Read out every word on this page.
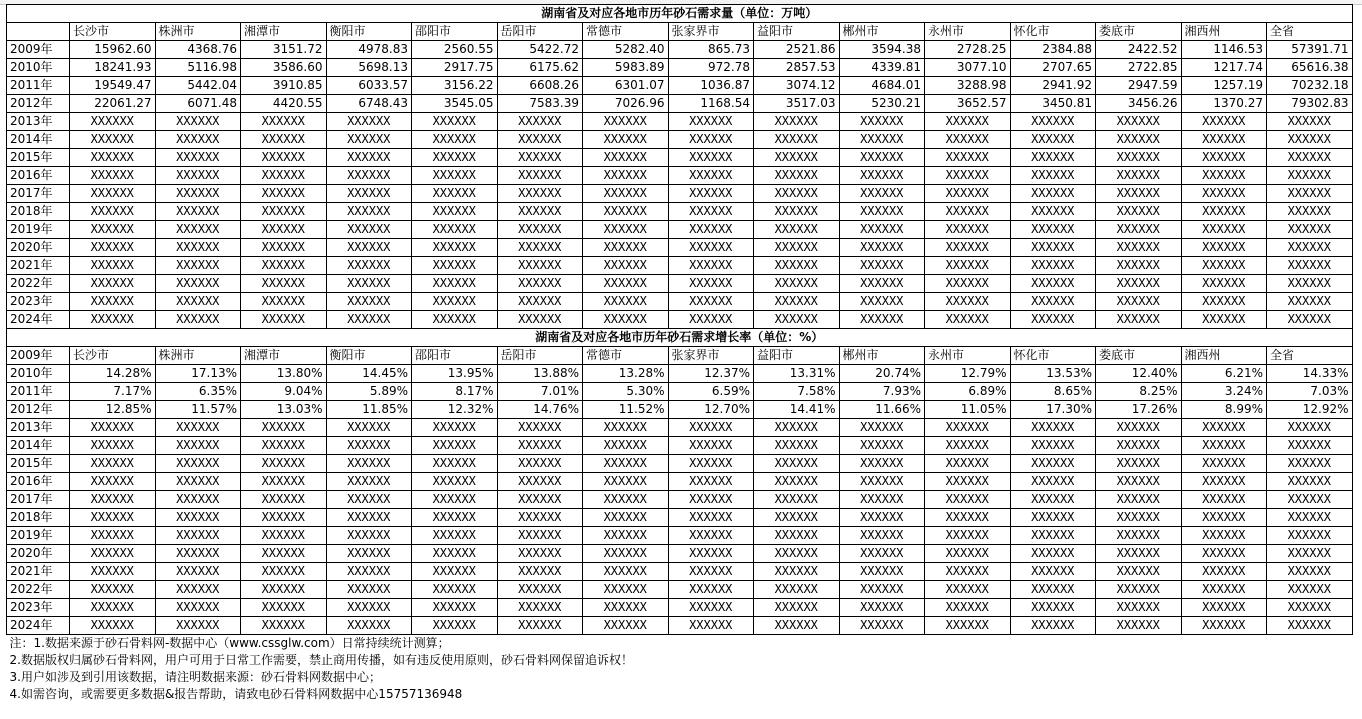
湖南省及对应各地市历年砂石需求量（单位：万吨）															
	长沙市	株洲市	湘潭市	衡阳市	邵阳市	岳阳市	常德市	张家界市	益阳市	郴州市	永州市	怀化市	娄底市	湘西州	全省
2009年	15962.60	4368.76	3151.72	4978.83	2560.55	5422.72	5282.40	865.73	2521.86	3594.38	2728.25	2384.88	2422.52	1146.53	57391.71
2010年	18241.93	5116.98	3586.60	5698.13	2917.75	6175.62	5983.89	972.78	2857.53	4339.81	3077.10	2707.65	2722.85	1217.74	65616.38
2011年	19549.47	5442.04	3910.85	6033.57	3156.22	6608.26	6301.07	1036.87	3074.12	4684.01	3288.98	2941.92	2947.59	1257.19	70232.18
2012年	22061.27	6071.48	4420.55	6748.43	3545.05	7583.39	7026.96	1168.54	3517.03	5230.21	3652.57	3450.81	3456.26	1370.27	79302.83
2013年	XXXXXX	XXXXXX	XXXXXX	XXXXXX	XXXXXX	XXXXXX	XXXXXX	XXXXXX	XXXXXX	XXXXXX	XXXXXX	XXXXXX	XXXXXX	XXXXXX	XXXXXX
2014年	XXXXXX	XXXXXX	XXXXXX	XXXXXX	XXXXXX	XXXXXX	XXXXXX	XXXXXX	XXXXXX	XXXXXX	XXXXXX	XXXXXX	XXXXXX	XXXXXX	XXXXXX
2015年	XXXXXX	XXXXXX	XXXXXX	XXXXXX	XXXXXX	XXXXXX	XXXXXX	XXXXXX	XXXXXX	XXXXXX	XXXXXX	XXXXXX	XXXXXX	XXXXXX	XXXXXX
2016年	XXXXXX	XXXXXX	XXXXXX	XXXXXX	XXXXXX	XXXXXX	XXXXXX	XXXXXX	XXXXXX	XXXXXX	XXXXXX	XXXXXX	XXXXXX	XXXXXX	XXXXXX
2017年	XXXXXX	XXXXXX	XXXXXX	XXXXXX	XXXXXX	XXXXXX	XXXXXX	XXXXXX	XXXXXX	XXXXXX	XXXXXX	XXXXXX	XXXXXX	XXXXXX	XXXXXX
2018年	XXXXXX	XXXXXX	XXXXXX	XXXXXX	XXXXXX	XXXXXX	XXXXXX	XXXXXX	XXXXXX	XXXXXX	XXXXXX	XXXXXX	XXXXXX	XXXXXX	XXXXXX
2019年	XXXXXX	XXXXXX	XXXXXX	XXXXXX	XXXXXX	XXXXXX	XXXXXX	XXXXXX	XXXXXX	XXXXXX	XXXXXX	XXXXXX	XXXXXX	XXXXXX	XXXXXX
2020年	XXXXXX	XXXXXX	XXXXXX	XXXXXX	XXXXXX	XXXXXX	XXXXXX	XXXXXX	XXXXXX	XXXXXX	XXXXXX	XXXXXX	XXXXXX	XXXXXX	XXXXXX
2021年	XXXXXX	XXXXXX	XXXXXX	XXXXXX	XXXXXX	XXXXXX	XXXXXX	XXXXXX	XXXXXX	XXXXXX	XXXXXX	XXXXXX	XXXXXX	XXXXXX	XXXXXX
2022年	XXXXXX	XXXXXX	XXXXXX	XXXXXX	XXXXXX	XXXXXX	XXXXXX	XXXXXX	XXXXXX	XXXXXX	XXXXXX	XXXXXX	XXXXXX	XXXXXX	XXXXXX
2023年	XXXXXX	XXXXXX	XXXXXX	XXXXXX	XXXXXX	XXXXXX	XXXXXX	XXXXXX	XXXXXX	XXXXXX	XXXXXX	XXXXXX	XXXXXX	XXXXXX	XXXXXX
2024年	XXXXXX	XXXXXX	XXXXXX	XXXXXX	XXXXXX	XXXXXX	XXXXXX	XXXXXX	XXXXXX	XXXXXX	XXXXXX	XXXXXX	XXXXXX	XXXXXX	XXXXXX
湖南省及对应各地市历年砂石需求增长率（单位：%）															
2009年	长沙市	株洲市	湘潭市	衡阳市	邵阳市	岳阳市	常德市	张家界市	益阳市	郴州市	永州市	怀化市	娄底市	湘西州	全省
2010年	14.28%	17.13%	13.80%	14.45%	13.95%	13.88%	13.28%	12.37%	13.31%	20.74%	12.79%	13.53%	12.40%	6.21%	14.33%
2011年	7.17%	6.35%	9.04%	5.89%	8.17%	7.01%	5.30%	6.59%	7.58%	7.93%	6.89%	8.65%	8.25%	3.24%	7.03%
2012年	12.85%	11.57%	13.03%	11.85%	12.32%	14.76%	11.52%	12.70%	14.41%	11.66%	11.05%	17.30%	17.26%	8.99%	12.92%
2013年	XXXXXX	XXXXXX	XXXXXX	XXXXXX	XXXXXX	XXXXXX	XXXXXX	XXXXXX	XXXXXX	XXXXXX	XXXXXX	XXXXXX	XXXXXX	XXXXXX	XXXXXX
2014年	XXXXXX	XXXXXX	XXXXXX	XXXXXX	XXXXXX	XXXXXX	XXXXXX	XXXXXX	XXXXXX	XXXXXX	XXXXXX	XXXXXX	XXXXXX	XXXXXX	XXXXXX
2015年	XXXXXX	XXXXXX	XXXXXX	XXXXXX	XXXXXX	XXXXXX	XXXXXX	XXXXXX	XXXXXX	XXXXXX	XXXXXX	XXXXXX	XXXXXX	XXXXXX	XXXXXX
2016年	XXXXXX	XXXXXX	XXXXXX	XXXXXX	XXXXXX	XXXXXX	XXXXXX	XXXXXX	XXXXXX	XXXXXX	XXXXXX	XXXXXX	XXXXXX	XXXXXX	XXXXXX
2017年	XXXXXX	XXXXXX	XXXXXX	XXXXXX	XXXXXX	XXXXXX	XXXXXX	XXXXXX	XXXXXX	XXXXXX	XXXXXX	XXXXXX	XXXXXX	XXXXXX	XXXXXX
2018年	XXXXXX	XXXXXX	XXXXXX	XXXXXX	XXXXXX	XXXXXX	XXXXXX	XXXXXX	XXXXXX	XXXXXX	XXXXXX	XXXXXX	XXXXXX	XXXXXX	XXXXXX
2019年	XXXXXX	XXXXXX	XXXXXX	XXXXXX	XXXXXX	XXXXXX	XXXXXX	XXXXXX	XXXXXX	XXXXXX	XXXXXX	XXXXXX	XXXXXX	XXXXXX	XXXXXX
2020年	XXXXXX	XXXXXX	XXXXXX	XXXXXX	XXXXXX	XXXXXX	XXXXXX	XXXXXX	XXXXXX	XXXXXX	XXXXXX	XXXXXX	XXXXXX	XXXXXX	XXXXXX
2021年	XXXXXX	XXXXXX	XXXXXX	XXXXXX	XXXXXX	XXXXXX	XXXXXX	XXXXXX	XXXXXX	XXXXXX	XXXXXX	XXXXXX	XXXXXX	XXXXXX	XXXXXX
2022年	XXXXXX	XXXXXX	XXXXXX	XXXXXX	XXXXXX	XXXXXX	XXXXXX	XXXXXX	XXXXXX	XXXXXX	XXXXXX	XXXXXX	XXXXXX	XXXXXX	XXXXXX
2023年	XXXXXX	XXXXXX	XXXXXX	XXXXXX	XXXXXX	XXXXXX	XXXXXX	XXXXXX	XXXXXX	XXXXXX	XXXXXX	XXXXXX	XXXXXX	XXXXXX	XXXXXX
2024年	XXXXXX	XXXXXX	XXXXXX	XXXXXX	XXXXXX	XXXXXX	XXXXXX	XXXXXX	XXXXXX	XXXXXX	XXXXXX	XXXXXX	XXXXXX	XXXXXX	XXXXXX
注：1.数据来源于砂石骨料网-数据中心（www.cssglw.com）日常持续统计测算；															
2.数据版权归属砂石骨料网，用户可用于日常工作需要，禁止商用传播，如有违反使用原则，砂石骨料网保留追诉权！															
3.用户如涉及到引用该数据，请注明数据来源：砂石骨料网数据中心；															
4.如需咨询，或需要更多数据&报告帮助，请致电砂石骨料网数据中心15757136948															
